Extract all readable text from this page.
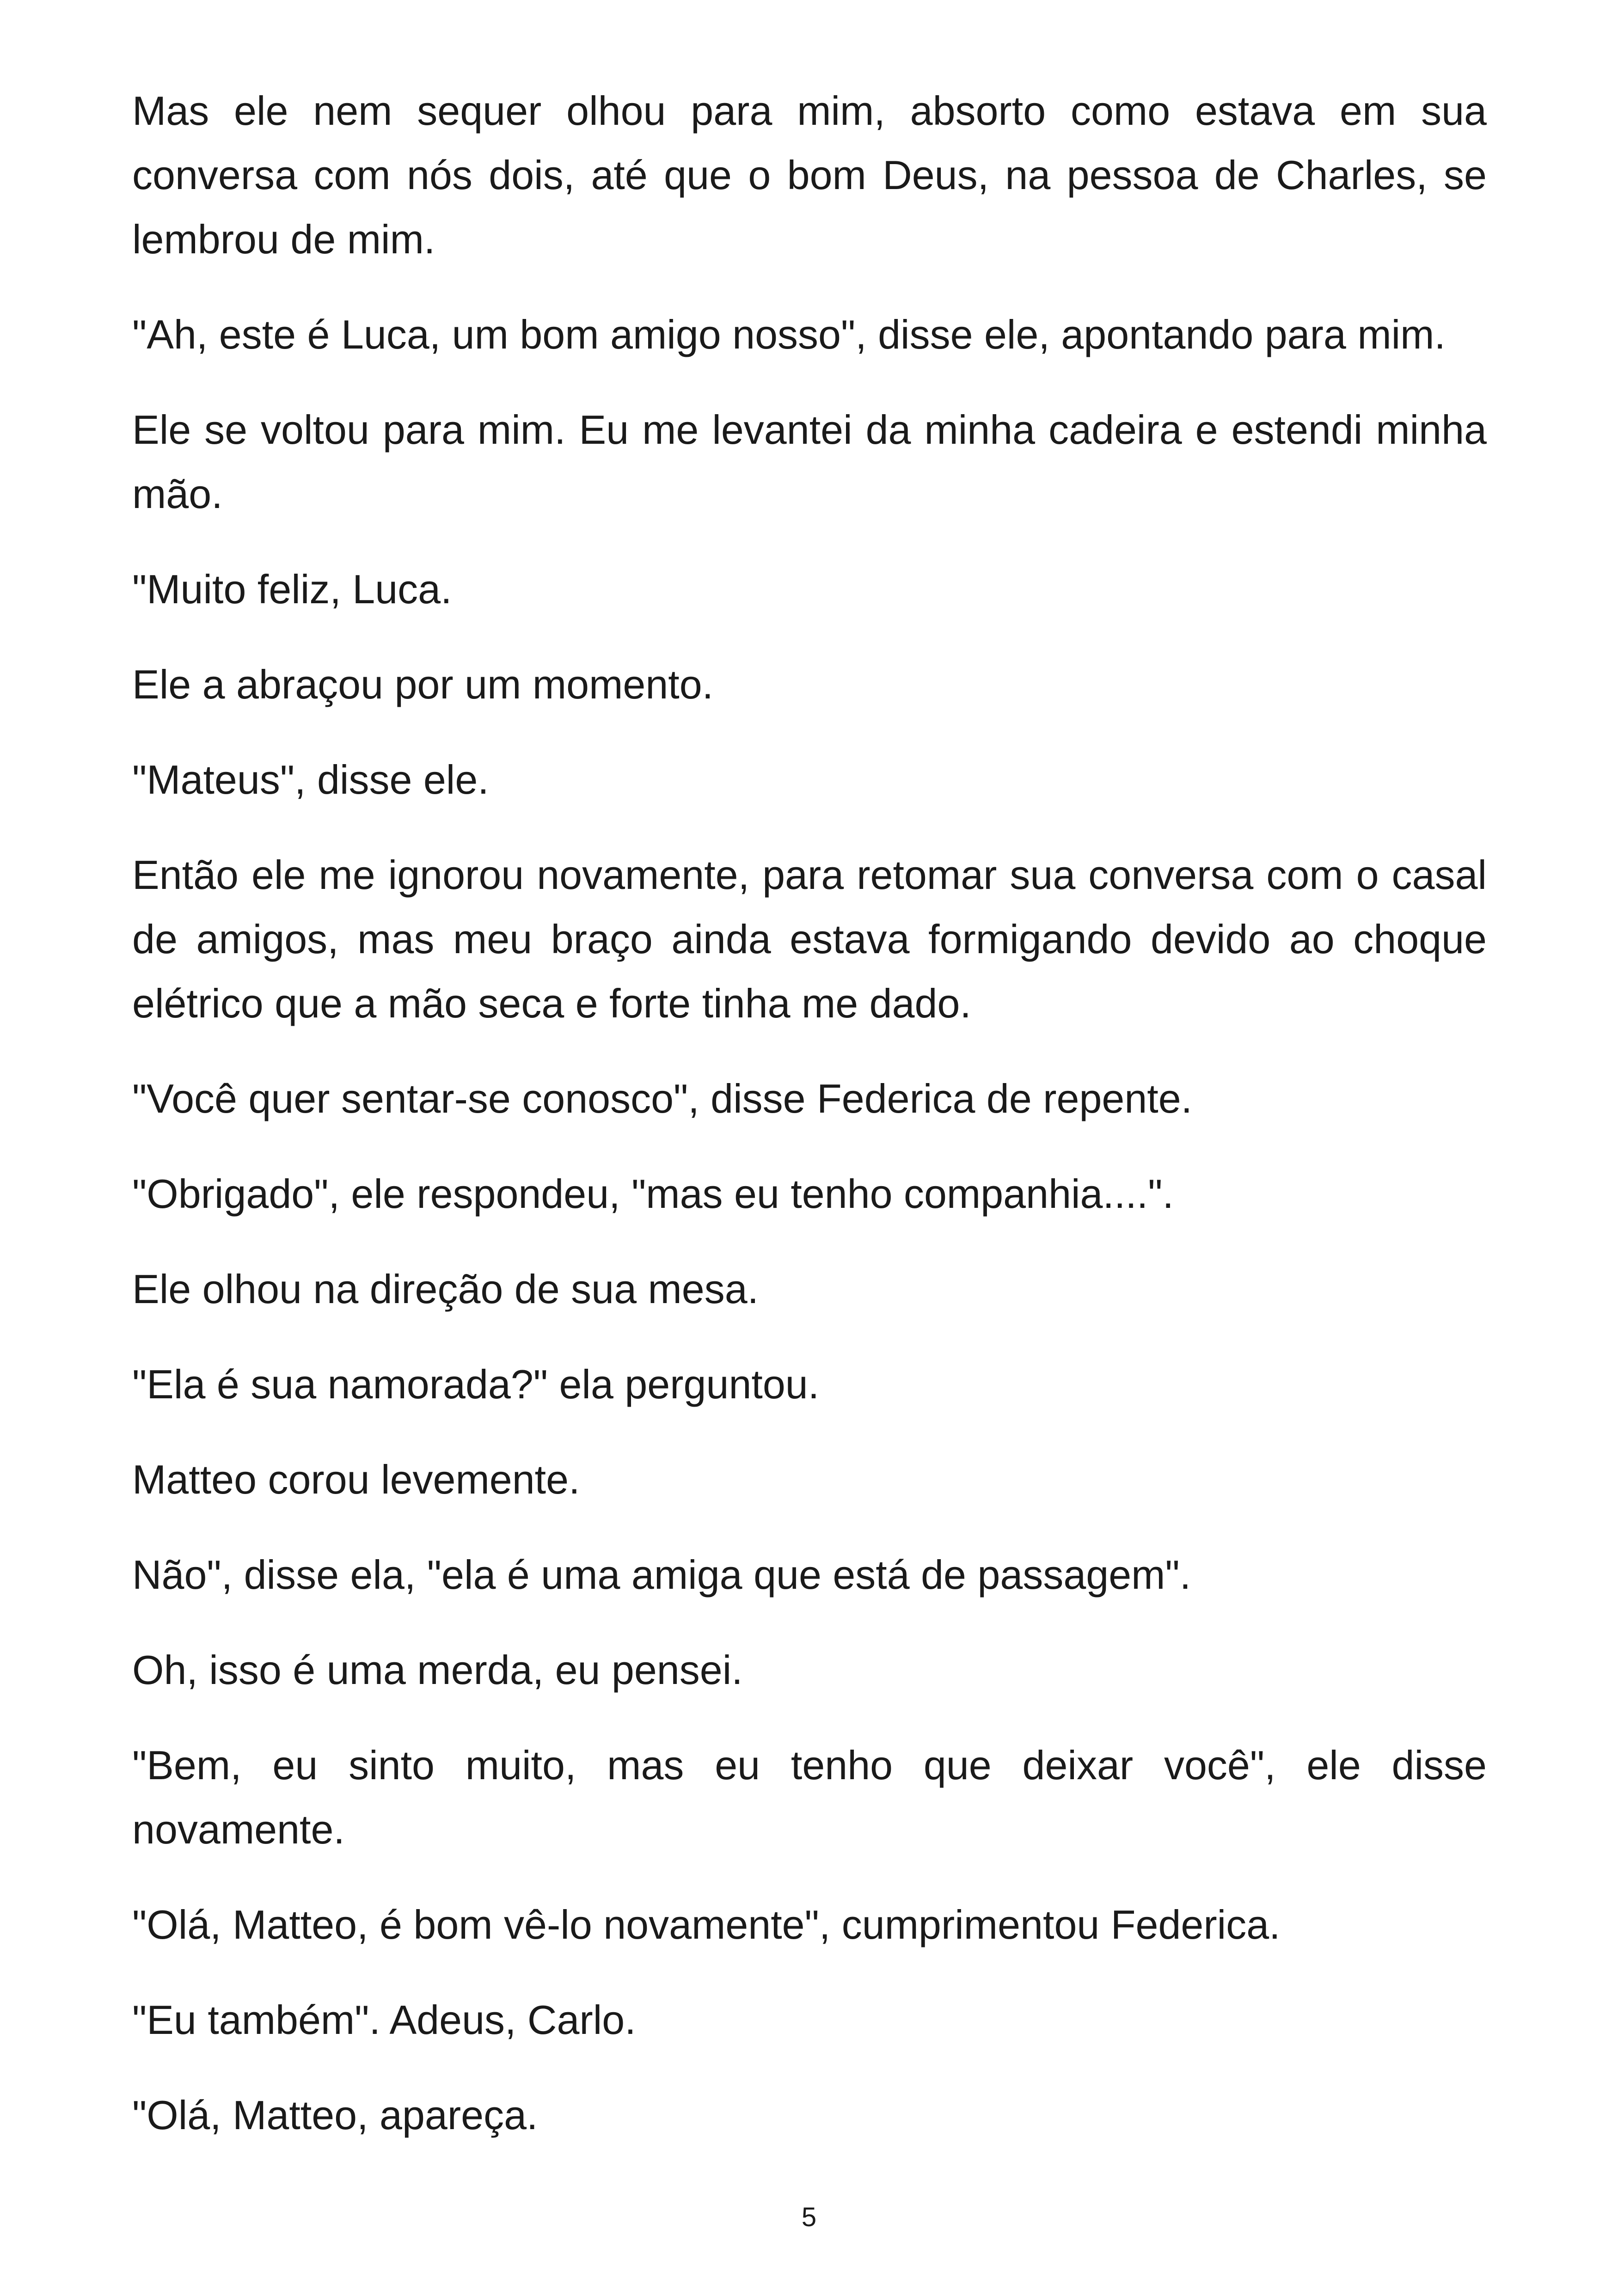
Mas ele nem sequer olhou para mim, absorto como estava em sua conversa com nós dois, até que o bom Deus, na pessoa de Charles, se lembrou de mim.

"Ah, este é Luca, um bom amigo nosso", disse ele, apontando para mim.

Ele se voltou para mim. Eu me levantei da minha cadeira e estendi minha mão.

"Muito feliz, Luca.

Ele a abraçou por um momento.

"Mateus", disse ele.

Então ele me ignorou novamente, para retomar sua conversa com o casal de amigos, mas meu braço ainda estava formigando devido ao choque elétrico que a mão seca e forte tinha me dado.

"Você quer sentar-se conosco", disse Federica de repente.

"Obrigado", ele respondeu, "mas eu tenho companhia....".

Ele olhou na direção de sua mesa.

"Ela é sua namorada?" ela perguntou.

Matteo corou levemente.

Não", disse ela, "ela é uma amiga que está de passagem".

Oh, isso é uma merda, eu pensei.

"Bem, eu sinto muito, mas eu tenho que deixar você", ele disse novamente.

"Olá, Matteo, é bom vê-lo novamente", cumprimentou Federica.

"Eu também". Adeus, Carlo.

"Olá, Matteo, apareça.

5
